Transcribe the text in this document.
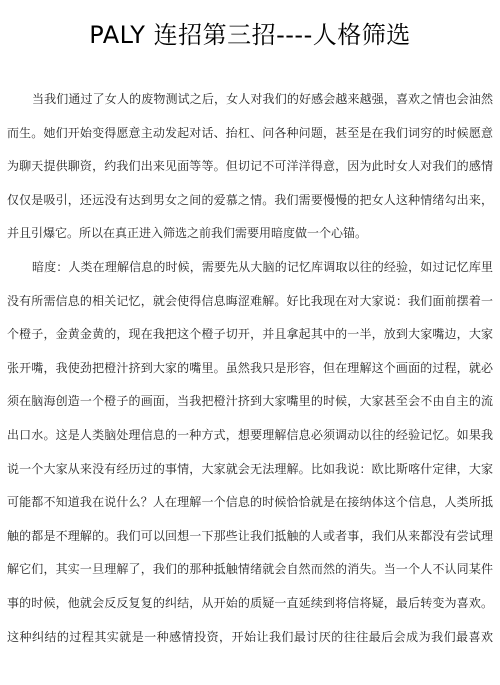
PALY 连招第三招----人格筛选
当我们通过了女人的废物测试之后，女人对我们的好感会越来越强，喜欢之情也会油然
而生。她们开始变得愿意主动发起对话、抬杠、问各种问题，甚至是在我们词穷的时候愿意
为聊天提供聊资，约我们出来见面等等。但切记不可洋洋得意，因为此时女人对我们的感情
仅仅是吸引，还远没有达到男女之间的爱慕之情。我们需要慢慢的把女人这种情绪勾出来，
并且引爆它。所以在真正进入筛选之前我们需要用暗度做一个心锚。
暗度：人类在理解信息的时候，需要先从大脑的记忆库调取以往的经验，如过记忆库里
没有所需信息的相关记忆，就会使得信息晦涩难解。好比我现在对大家说：我们面前摆着一
个橙子，金黄金黄的，现在我把这个橙子切开，并且拿起其中的一半，放到大家嘴边，大家
张开嘴，我使劲把橙汁挤到大家的嘴里。虽然我只是形容，但在理解这个画面的过程，就必
须在脑海创造一个橙子的画面，当我把橙汁挤到大家嘴里的时候，大家甚至会不由自主的流
出口水。这是人类脑处理信息的一种方式，想要理解信息必须调动以往的经验记忆。如果我
说一个大家从来没有经历过的事情，大家就会无法理解。比如我说：欧比斯喀什定律，大家
可能都不知道我在说什么？人在理解一个信息的时候恰恰就是在接纳体这个信息，人类所抵
触的都是不理解的。我们可以回想一下那些让我们抵触的人或者事，我们从来都没有尝试理
解它们，其实一旦理解了，我们的那种抵触情绪就会自然而然的消失。当一个人不认同某件
事的时候，他就会反反复复的纠结，从开始的质疑一直延续到将信将疑，最后转变为喜欢。
这种纠结的过程其实就是一种感情投资，开始让我们最讨厌的往往最后会成为我们最喜欢
